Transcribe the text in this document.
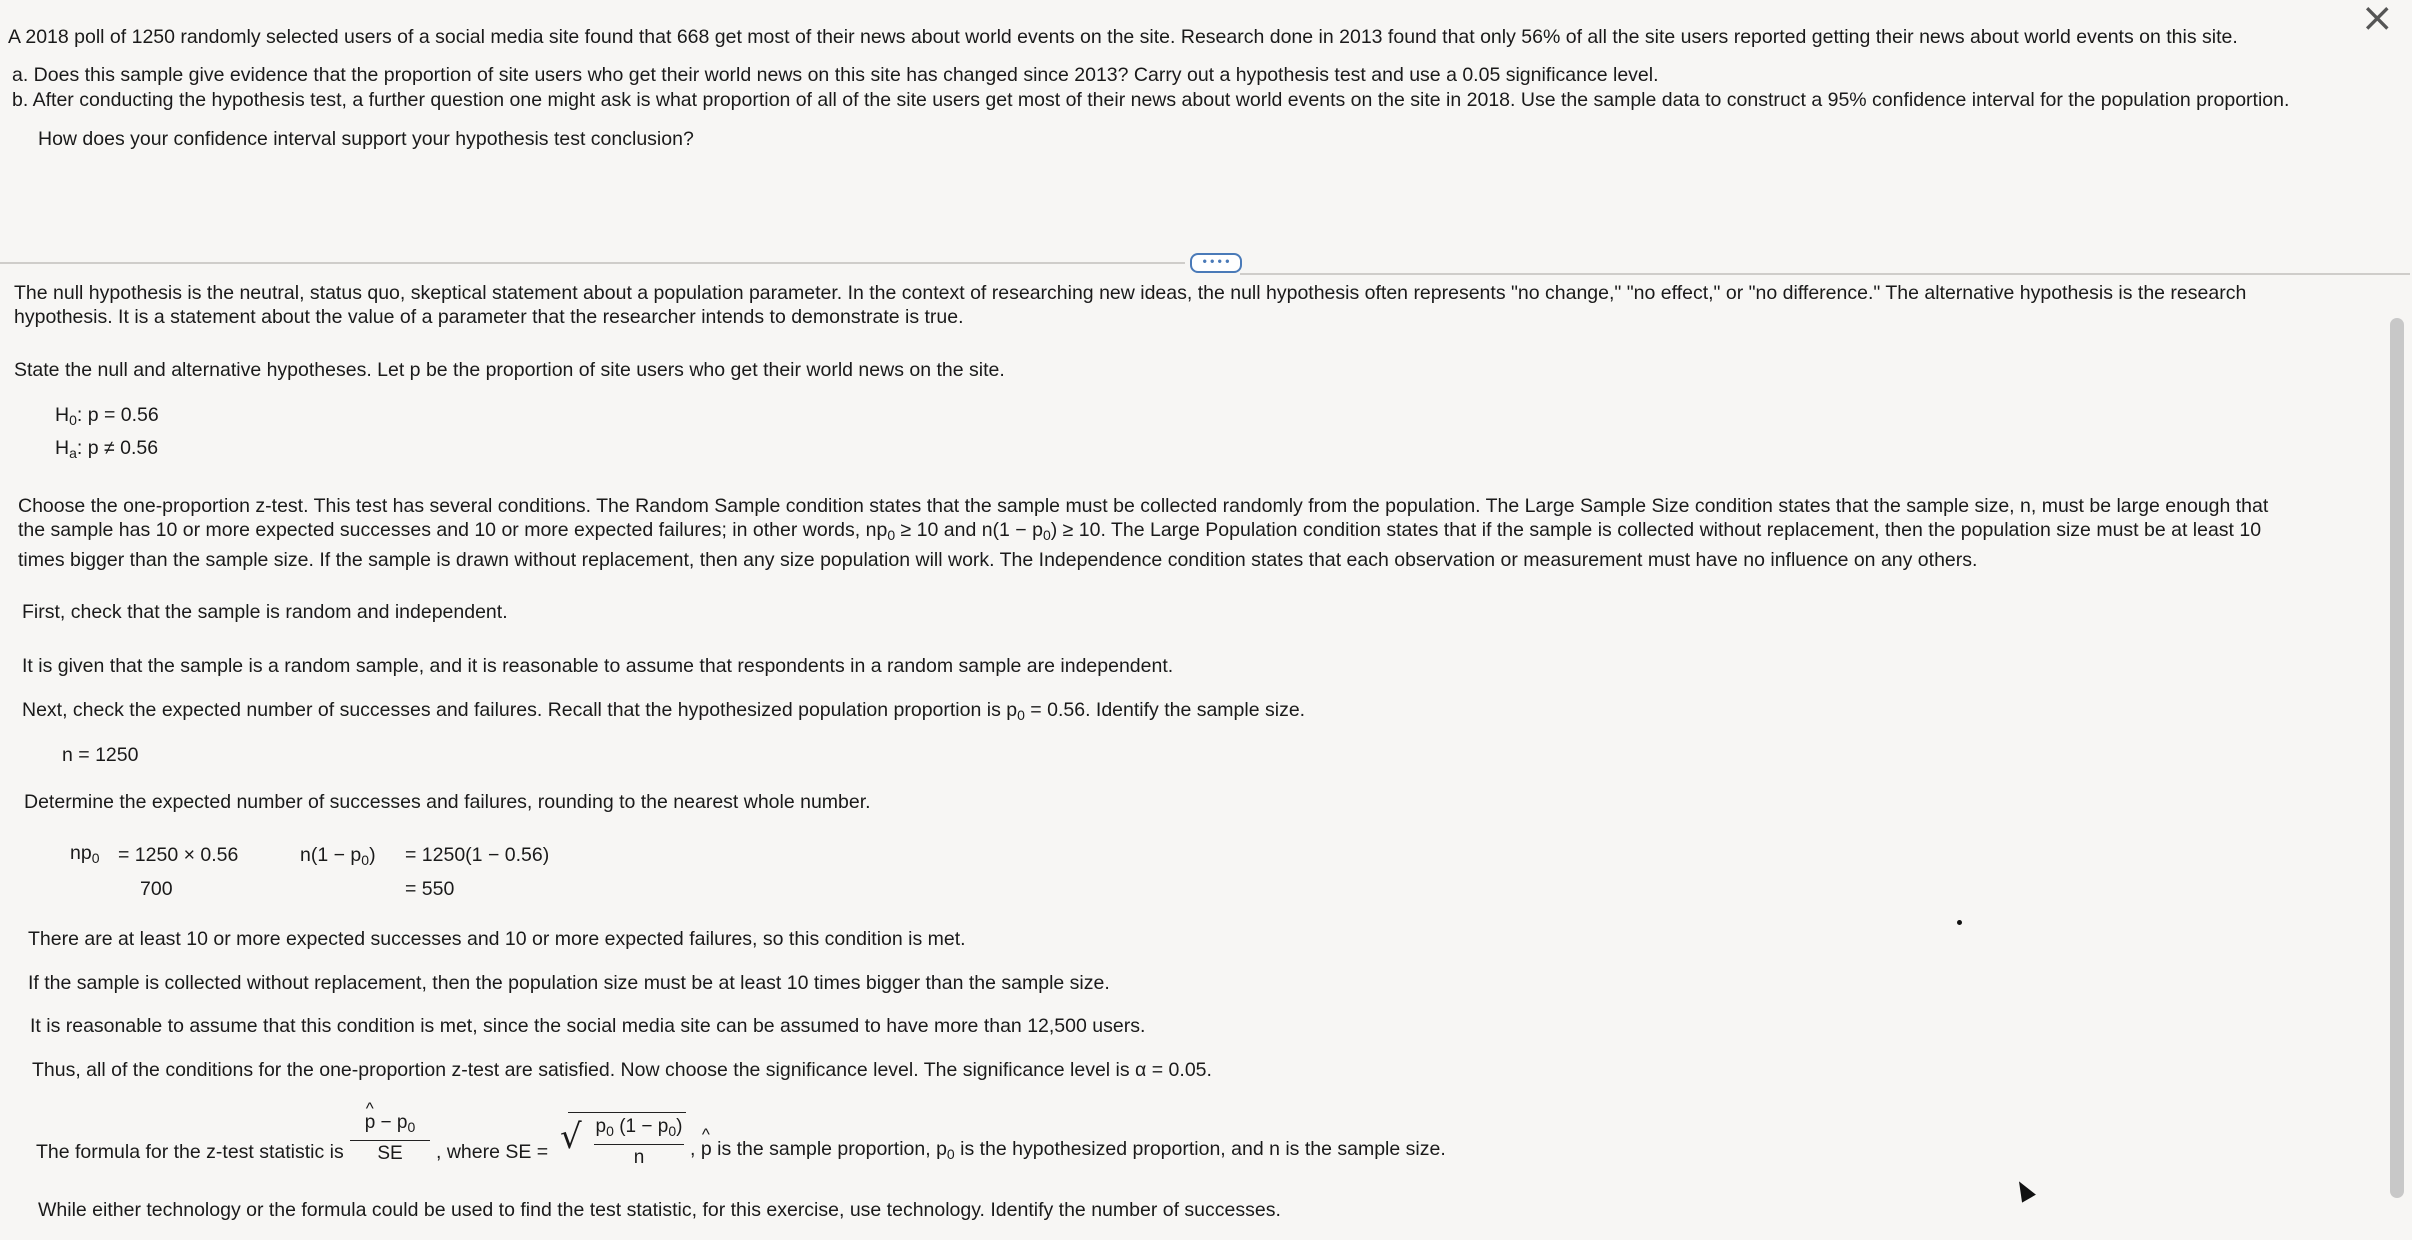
×
A 2018 poll of 1250 randomly selected users of a social media site found that 668 get most of their news about world events on the site. Research done in 2013 found that only 56% of all the site users reported getting their news about world events on this site.
a. Does this sample give evidence that the proportion of site users who get their world news on this site has changed since 2013? Carry out a hypothesis test and use a 0.05 significance level.
b. After conducting the hypothesis test, a further question one might ask is what proportion of all of the site users get most of their news about world events on the site in 2018. Use the sample data to construct a 95% confidence interval for the population proportion.
How does your confidence interval support your hypothesis test conclusion?
• • • •
The null hypothesis is the neutral, status quo, skeptical statement about a population parameter. In the context of researching new ideas, the null hypothesis often represents "no change," "no effect," or "no difference." The alternative hypothesis is the research
hypothesis. It is a statement about the value of a parameter that the researcher intends to demonstrate is true.
State the null and alternative hypotheses. Let p be the proportion of site users who get their world news on the site.
$H_0$: p = 0.56
$H_a$: p ≠ 0.56
Choose the one-proportion z-test. This test has several conditions. The Random Sample condition states that the sample must be collected randomly from the population. The Large Sample Size condition states that the sample size, n, must be large enough that
the sample has 10 or more expected successes and 10 or more expected failures; in other words, $np_0 \ge 10$ and $n(1 - p_0) \ge 10$. The Large Population condition states that if the sample is collected without replacement, then the population size must be at least 10
times bigger than the sample size. If the sample is drawn without replacement, then any size population will work. The Independence condition states that each observation or measurement must have no influence on any others.
First, check that the sample is random and independent.
It is given that the sample is a random sample, and it is reasonable to assume that respondents in a random sample are independent.
Next, check the expected number of successes and failures. Recall that the hypothesized population proportion is $p_0 = 0.56$. Identify the sample size.
n = 1250
Determine the expected number of successes and failures, rounding to the nearest whole number.
$np_0 = 1250 \times 0.56$
700
$n(1 - p_0) = 1250(1 - 0.56)$
= 550
There are at least 10 or more expected successes and 10 or more expected failures, so this condition is met.
If the sample is collected without replacement, then the population size must be at least 10 times bigger than the sample size.
It is reasonable to assume that this condition is met, since the social media site can be assumed to have more than 12,500 users.
Thus, all of the conditions for the one-proportion z-test are satisfied. Now choose the significance level. The significance level is α = 0.05.
The formula for the z-test statistic is
^ $p - p_0$
SE	, where SE = √ $p_0$ $(1 - p_0)$
n	, ^ p is the sample proportion, $p_0$ is the hypothesized proportion, and n is the sample size.
While either technology or the formula could be used to find the test statistic, for this exercise, use technology. Identify the number of successes.
